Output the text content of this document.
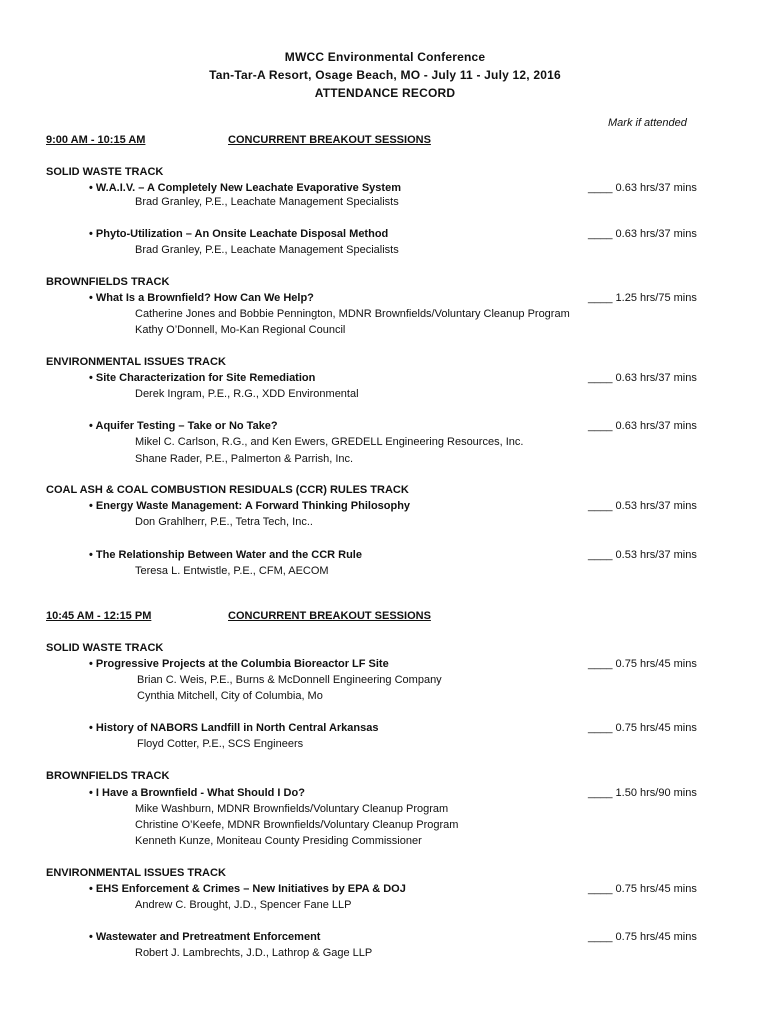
MWCC Environmental Conference
Tan-Tar-A Resort, Osage Beach, MO - July 11 - July 12, 2016
ATTENDANCE RECORD
Mark if attended
9:00 AM - 10:15 AM	CONCURRENT BREAKOUT SESSIONS
SOLID WASTE TRACK
• W.A.I.V. – A Completely New Leachate Evaporative System	____ 0.63 hrs/37 mins
Brad Granley, P.E., Leachate Management Specialists
• Phyto-Utilization – An Onsite Leachate Disposal Method	____ 0.63 hrs/37 mins
Brad Granley, P.E., Leachate Management Specialists
BROWNFIELDS TRACK
• What Is a Brownfield? How Can We Help?	____ 1.25 hrs/75 mins
Catherine Jones and Bobbie Pennington, MDNR Brownfields/Voluntary Cleanup Program
Kathy O’Donnell, Mo-Kan Regional Council
ENVIRONMENTAL ISSUES TRACK
• Site Characterization for Site Remediation	____ 0.63 hrs/37 mins
Derek Ingram, P.E., R.G., XDD Environmental
• Aquifer Testing – Take or No Take?	____ 0.63 hrs/37 mins
Mikel C. Carlson, R.G., and Ken Ewers, GREDELL Engineering Resources, Inc.
Shane Rader, P.E., Palmerton & Parrish, Inc.
COAL ASH & COAL COMBUSTION RESIDUALS (CCR) RULES TRACK
• Energy Waste Management: A Forward Thinking Philosophy	____ 0.53 hrs/37 mins
Don Grahlherr, P.E., Tetra Tech, Inc..
• The Relationship Between Water and the CCR Rule	____ 0.53 hrs/37 mins
Teresa L. Entwistle, P.E., CFM, AECOM
10:45 AM - 12:15 PM	CONCURRENT BREAKOUT SESSIONS
SOLID WASTE TRACK
• Progressive Projects at the Columbia Bioreactor LF Site	____ 0.75 hrs/45 mins
Brian C. Weis, P.E., Burns & McDonnell Engineering Company
Cynthia Mitchell, City of Columbia, Mo
• History of NABORS Landfill in North Central Arkansas	____ 0.75 hrs/45 mins
Floyd Cotter, P.E., SCS Engineers
BROWNFIELDS TRACK
• I Have a Brownfield - What Should I Do?	____ 1.50 hrs/90 mins
Mike Washburn, MDNR Brownfields/Voluntary Cleanup Program
Christine O’Keefe, MDNR Brownfields/Voluntary Cleanup Program
Kenneth Kunze, Moniteau County Presiding Commissioner
ENVIRONMENTAL ISSUES TRACK
• EHS Enforcement & Crimes – New Initiatives by EPA & DOJ	____ 0.75 hrs/45 mins
Andrew C. Brought, J.D., Spencer Fane LLP
• Wastewater and Pretreatment Enforcement	____ 0.75 hrs/45 mins
Robert J. Lambrechts, J.D., Lathrop & Gage LLP
